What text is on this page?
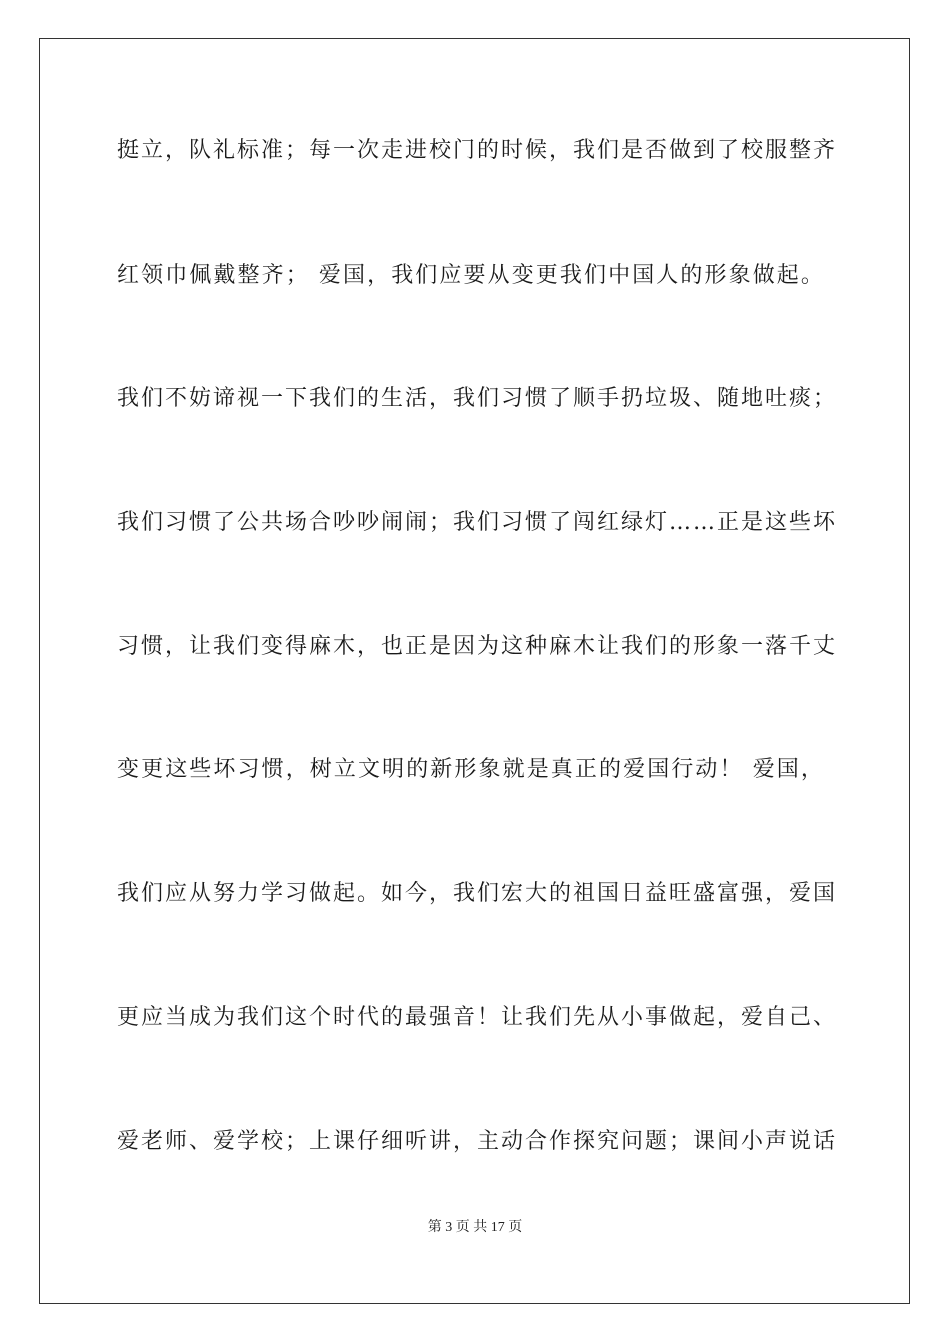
挺立，队礼标准；每一次走进校门的时候，我们是否做到了校服整齐
红领巾佩戴整齐； 爱国，我们应要从变更我们中国人的形象做起。
我们不妨谛视一下我们的生活，我们习惯了顺手扔垃圾、随地吐痰；
我们习惯了公共场合吵吵闹闹；我们习惯了闯红绿灯……正是这些坏
习惯，让我们变得麻木，也正是因为这种麻木让我们的形象一落千丈
变更这些坏习惯，树立文明的新形象就是真正的爱国行动！ 爱国，
我们应从努力学习做起。如今，我们宏大的祖国日益旺盛富强，爱国
更应当成为我们这个时代的最强音！让我们先从小事做起，爱自己、
爱老师、爱学校；上课仔细听讲，主动合作探究问题；课间小声说话
第 3 页 共 17 页
